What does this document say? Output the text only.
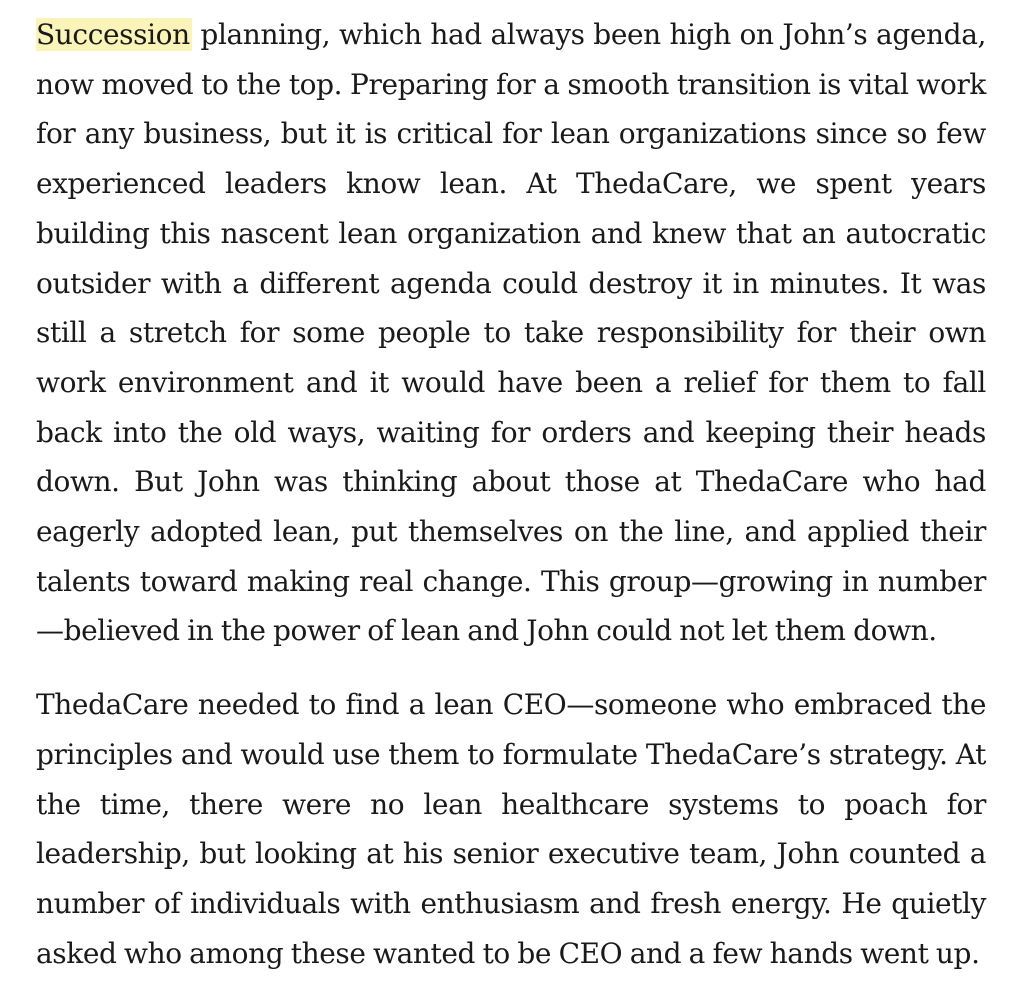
Succession planning, which had always been high on John’s agenda, now moved to the top. Preparing for a smooth transition is vital work for any business, but it is critical for lean organizations since so few experienced leaders know lean. At ThedaCare, we spent years building this nascent lean organization and knew that an autocratic outsider with a different agenda could destroy it in minutes. It was still a stretch for some people to take responsibility for their own work environment and it would have been a relief for them to fall back into the old ways, waiting for orders and keeping their heads down. But John was thinking about those at ThedaCare who had eagerly adopted lean, put themselves on the line, and applied their talents toward making real change. This group—growing in number—believed in the power of lean and John could not let them down.

ThedaCare needed to find a lean CEO—someone who embraced the principles and would use them to formulate ThedaCare’s strategy. At the time, there were no lean healthcare systems to poach for leadership, but looking at his senior executive team, John counted a number of individuals with enthusiasm and fresh energy. He quietly asked who among these wanted to be CEO and a few hands went up.
